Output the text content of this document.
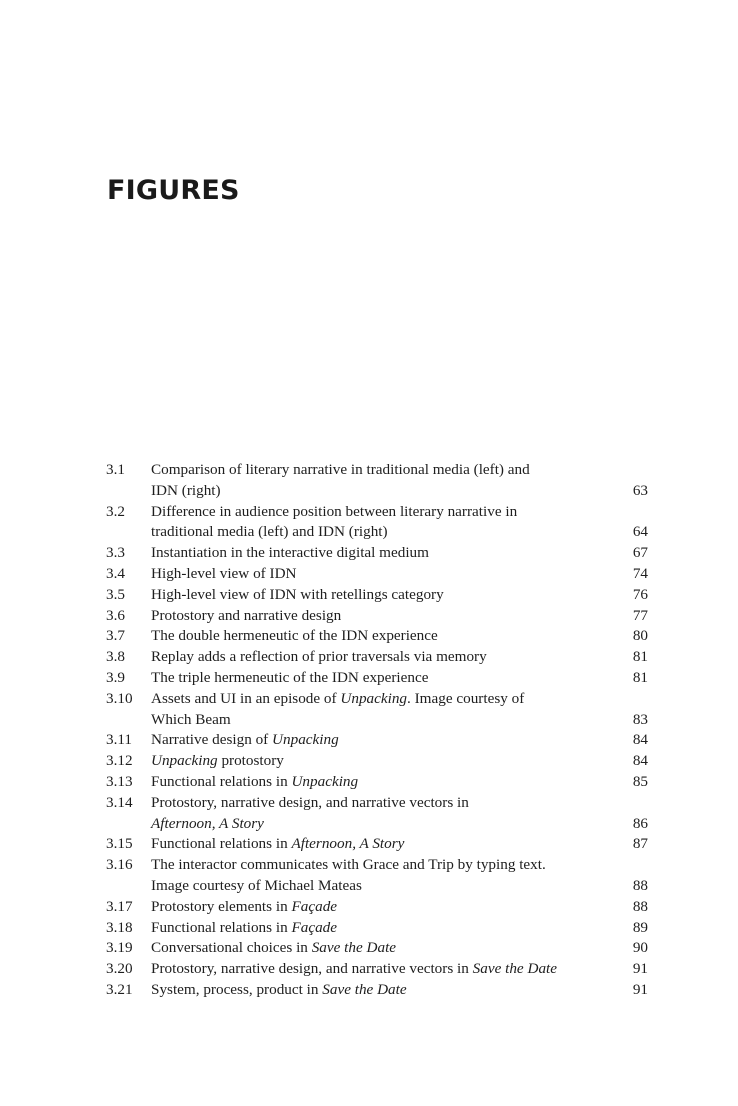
FIGURES
3.1	Comparison of literary narrative in traditional media (left) and
IDN (right)	63
3.2	Difference in audience position between literary narrative in
traditional media (left) and IDN (right)	64
3.3	Instantiation in the interactive digital medium	67
3.4	High-level view of IDN	74
3.5	High-level view of IDN with retellings category	76
3.6	Protostory and narrative design	77
3.7	The double hermeneutic of the IDN experience	80
3.8	Replay adds a reflection of prior traversals via memory	81
3.9	The triple hermeneutic of the IDN experience	81
3.10	Assets and UI in an episode of Unpacking. Image courtesy of
Which Beam	83
3.11	Narrative design of Unpacking	84
3.12	Unpacking protostory	84
3.13	Functional relations in Unpacking	85
3.14	Protostory, narrative design, and narrative vectors in
Afternoon, A Story	86
3.15	Functional relations in Afternoon, A Story	87
3.16	The interactor communicates with Grace and Trip by typing text.
Image courtesy of Michael Mateas	88
3.17	Protostory elements in Façade	88
3.18	Functional relations in Façade	89
3.19	Conversational choices in Save the Date	90
3.20	Protostory, narrative design, and narrative vectors in Save the Date	91
3.21	System, process, product in Save the Date	91
